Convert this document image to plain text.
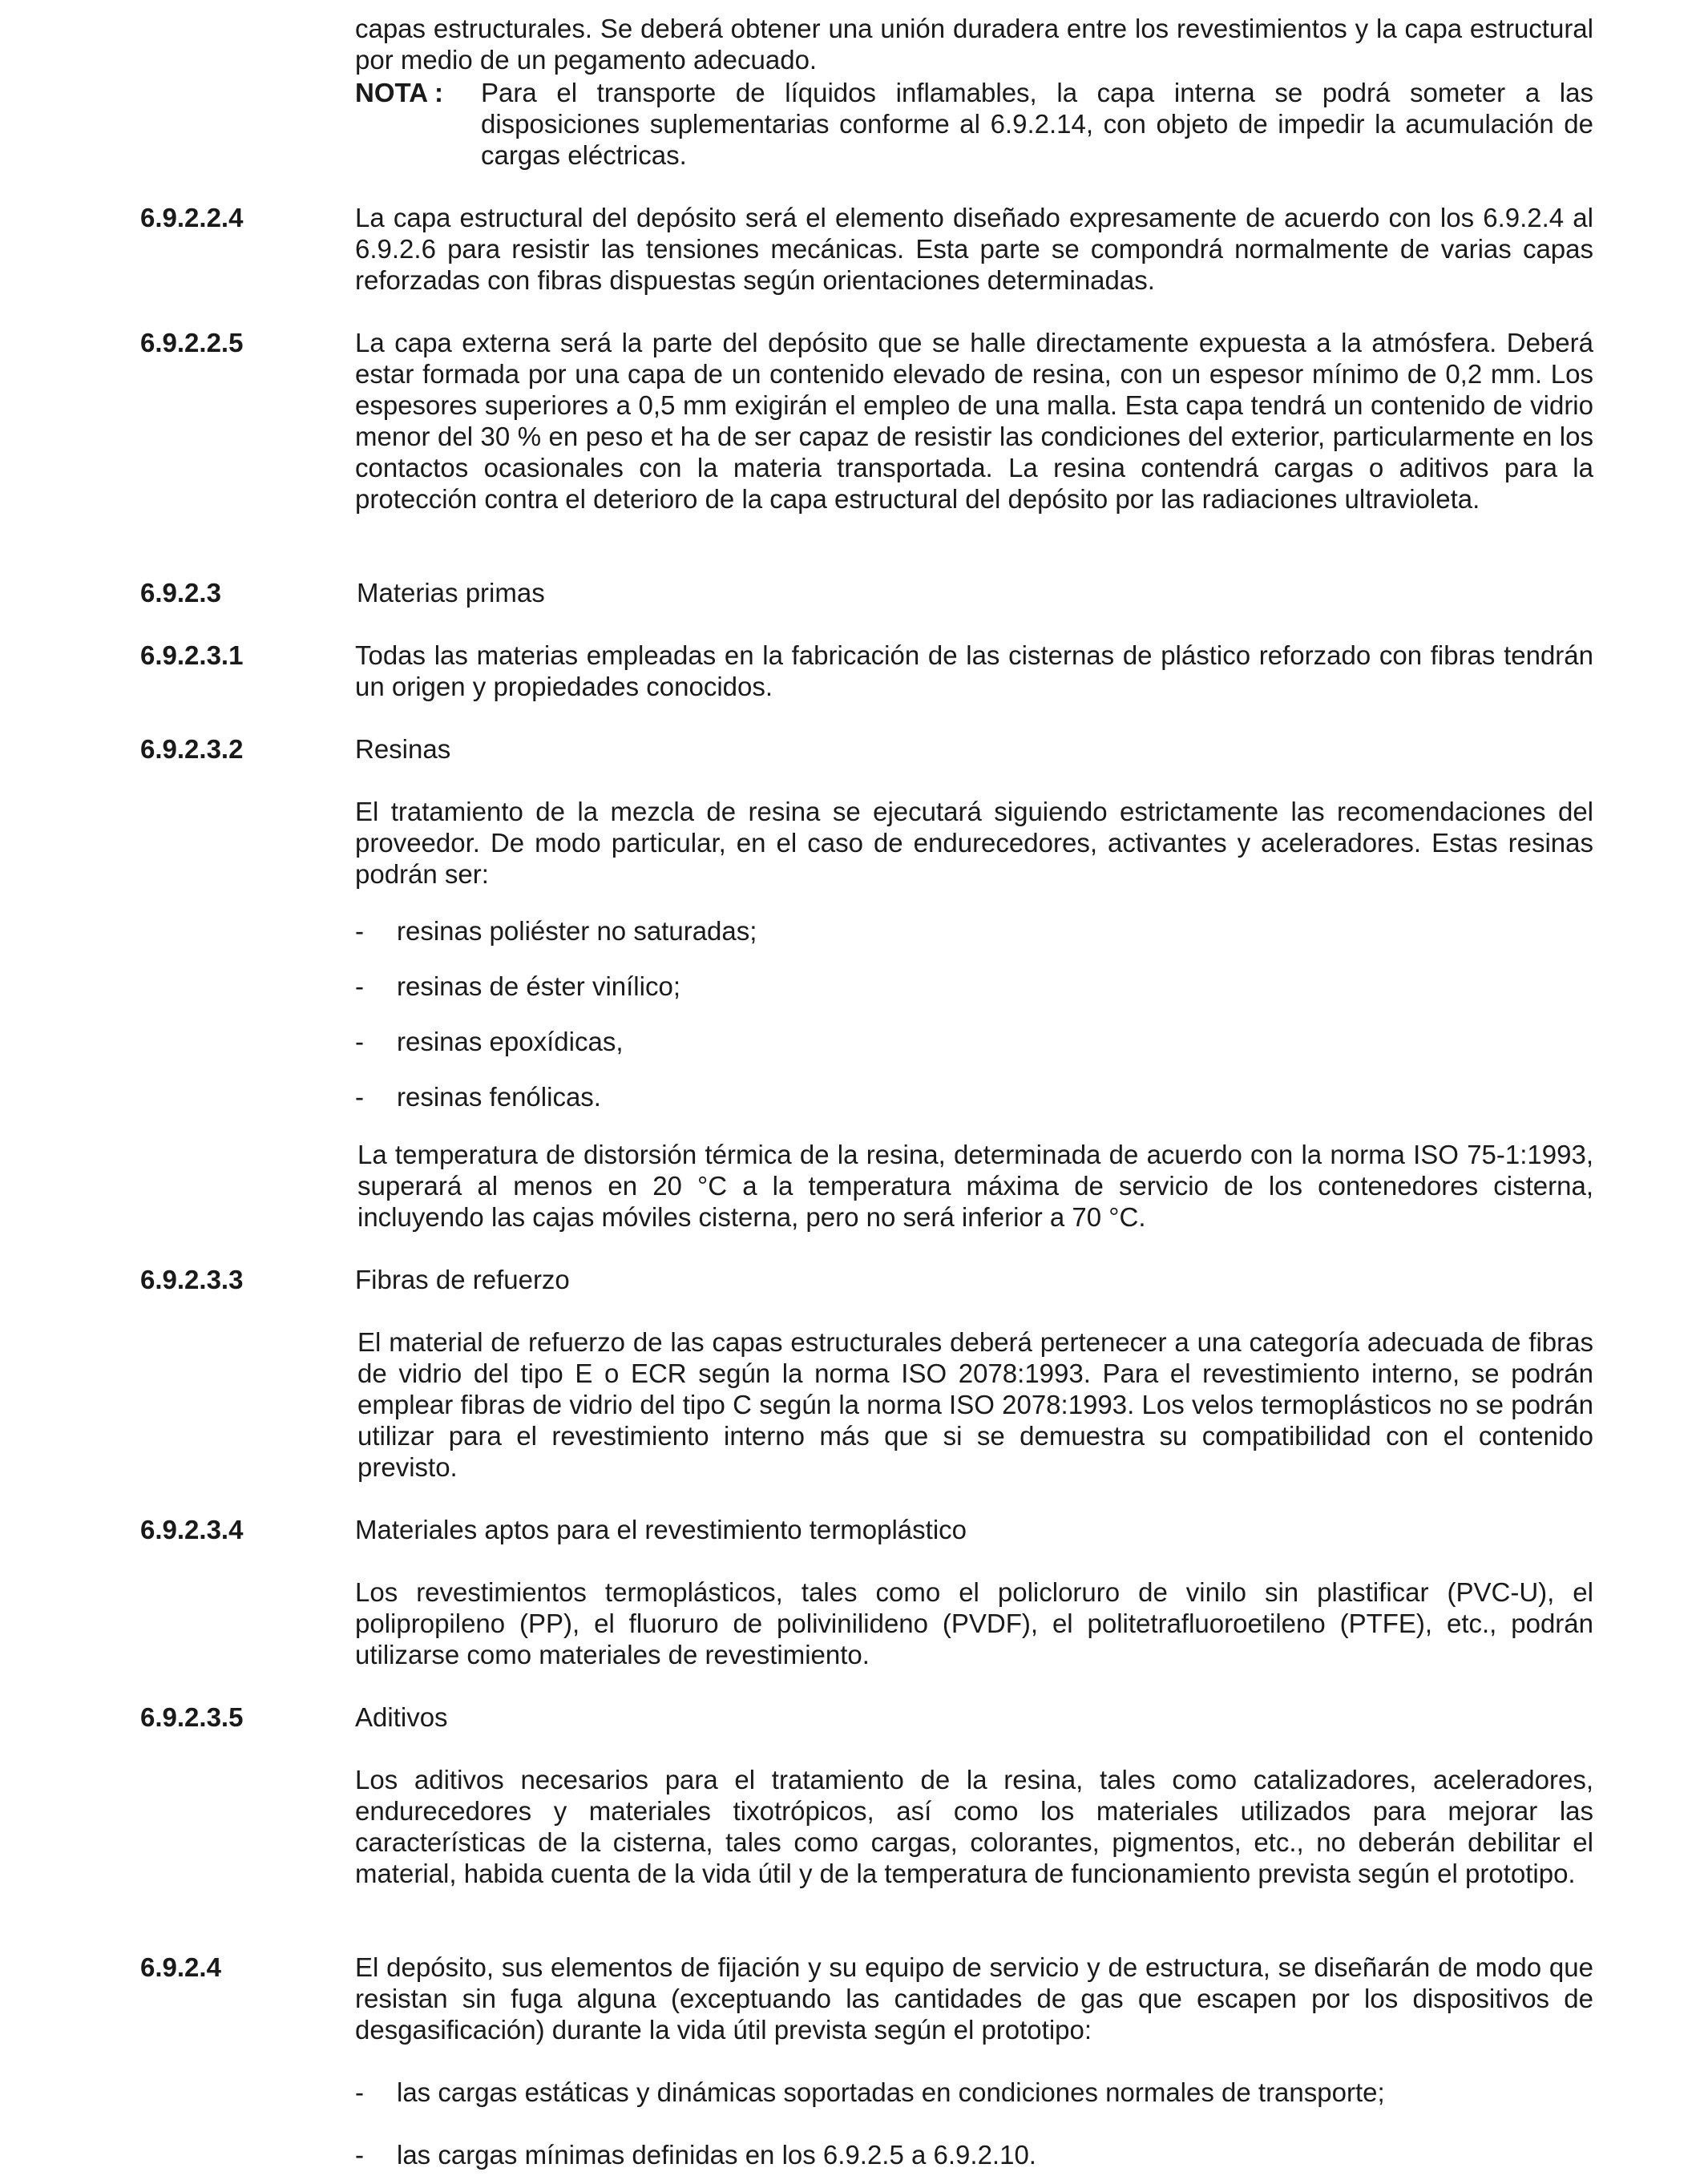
capas estructurales. Se deberá obtener una unión duradera entre los revestimientos y la capa estructural por medio de un pegamento adecuado.

NOTA : Para el transporte de líquidos inflamables, la capa interna se podrá someter a las disposiciones suplementarias conforme al 6.9.2.14, con objeto de impedir la acumulación de cargas eléctricas.

6.9.2.2.4	La capa estructural del depósito será el elemento diseñado expresamente de acuerdo con los 6.9.2.4 al 6.9.2.6 para resistir las tensiones mecánicas. Esta parte se compondrá normalmente de varias capas reforzadas con fibras dispuestas según orientaciones determinadas.

6.9.2.2.5	La capa externa será la parte del depósito que se halle directamente expuesta a la atmósfera. Deberá estar formada por una capa de un contenido elevado de resina, con un espesor mínimo de 0,2 mm. Los espesores superiores a 0,5 mm exigirán el empleo de una malla. Esta capa tendrá un contenido de vidrio menor del 30 % en peso et ha de ser capaz de resistir las condiciones del exterior, particularmente en los contactos ocasionales con la materia transportada. La resina contendrá cargas o aditivos para la protección contra el deterioro de la capa estructural del depósito por las radiaciones ultravioleta.

6.9.2.3	Materias primas

6.9.2.3.1	Todas las materias empleadas en la fabricación de las cisternas de plástico reforzado con fibras tendrán un origen y propiedades conocidos.

6.9.2.3.2	Resinas

El tratamiento de la mezcla de resina se ejecutará siguiendo estrictamente las recomendaciones del proveedor. De modo particular, en el caso de endurecedores, activantes y aceleradores. Estas resinas podrán ser:

- resinas poliéster no saturadas;

- resinas de éster vinílico;

- resinas epoxídicas,

- resinas fenólicas.

La temperatura de distorsión térmica de la resina, determinada de acuerdo con la norma ISO 75-1:1993, superará al menos en 20 °C a la temperatura máxima de servicio de los contenedores cisterna, incluyendo las cajas móviles cisterna, pero no será inferior a 70 °C.

6.9.2.3.3	Fibras de refuerzo

El material de refuerzo de las capas estructurales deberá pertenecer a una categoría adecuada de fibras de vidrio del tipo E o ECR según la norma ISO 2078:1993. Para el revestimiento interno, se podrán emplear fibras de vidrio del tipo C según la norma ISO 2078:1993. Los velos termoplásticos no se podrán utilizar para el revestimiento interno más que si se demuestra su compatibilidad con el contenido previsto.

6.9.2.3.4	Materiales aptos para el revestimiento termoplástico

Los revestimientos termoplásticos, tales como el policloruro de vinilo sin plastificar (PVC-U), el polipropileno (PP), el fluoruro de polivinilideno (PVDF), el politetrafluoroetileno (PTFE), etc., podrán utilizarse como materiales de revestimiento.

6.9.2.3.5	Aditivos

Los aditivos necesarios para el tratamiento de la resina, tales como catalizadores, aceleradores, endurecedores y materiales tixotrópicos, así como los materiales utilizados para mejorar las características de la cisterna, tales como cargas, colorantes, pigmentos, etc., no deberán debilitar el material, habida cuenta de la vida útil y de la temperatura de funcionamiento prevista según el prototipo.

6.9.2.4	El depósito, sus elementos de fijación y su equipo de servicio y de estructura, se diseñarán de modo que resistan sin fuga alguna (exceptuando las cantidades de gas que escapen por los dispositivos de desgasificación) durante la vida útil prevista según el prototipo:

- las cargas estáticas y dinámicas soportadas en condiciones normales de transporte;

- las cargas mínimas definidas en los 6.9.2.5 a 6.9.2.10.
